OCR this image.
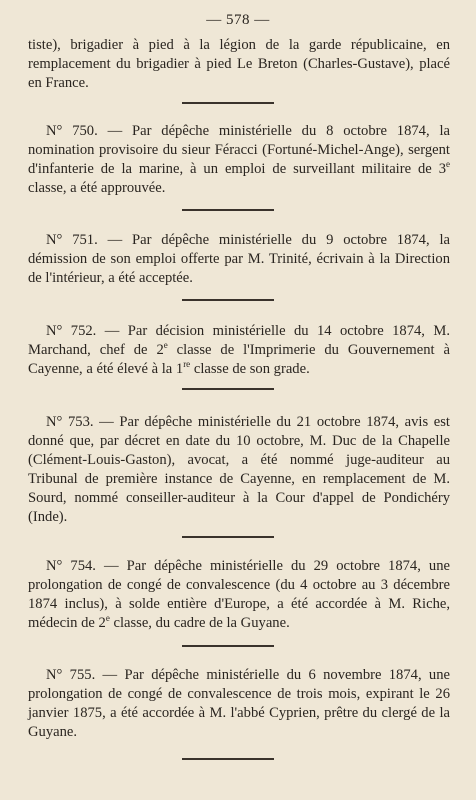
— 578 —

tiste), brigadier à pied à la légion de la garde républicaine, en remplacement du brigadier à pied Le Breton (Charles-Gustave), placé en France.

N° 750. — Par dépêche ministérielle du 8 octobre 1874, la nomination provisoire du sieur Féracci (Fortuné-Michel-Ange), sergent d'infanterie de la marine, à un emploi de surveillant militaire de 3e classe, a été approuvée.

N° 751. — Par dépêche ministérielle du 9 octobre 1874, la démission de son emploi offerte par M. Trinité, écrivain à la Direction de l'intérieur, a été acceptée.

N° 752. — Par décision ministérielle du 14 octobre 1874, M. Marchand, chef de 2e classe de l'Imprimerie du Gouvernement à Cayenne, a été élevé à la 1re classe de son grade.

N° 753. — Par dépêche ministérielle du 21 octobre 1874, avis est donné que, par décret en date du 10 octobre, M. Duc de la Chapelle (Clément-Louis-Gaston), avocat, a été nommé juge-auditeur au Tribunal de première instance de Cayenne, en remplacement de M. Sourd, nommé conseiller-auditeur à la Cour d'appel de Pondichéry (Inde).

N° 754. — Par dépêche ministérielle du 29 octobre 1874, une prolongation de congé de convalescence (du 4 octobre au 3 décembre 1874 inclus), à solde entière d'Europe, a été accordée à M. Riche, médecin de 2e classe, du cadre de la Guyane.

N° 755. — Par dépêche ministérielle du 6 novembre 1874, une prolongation de congé de convalescence de trois mois, expirant le 26 janvier 1875, a été accordée à M. l'abbé Cyprien, prêtre du clergé de la Guyane.
